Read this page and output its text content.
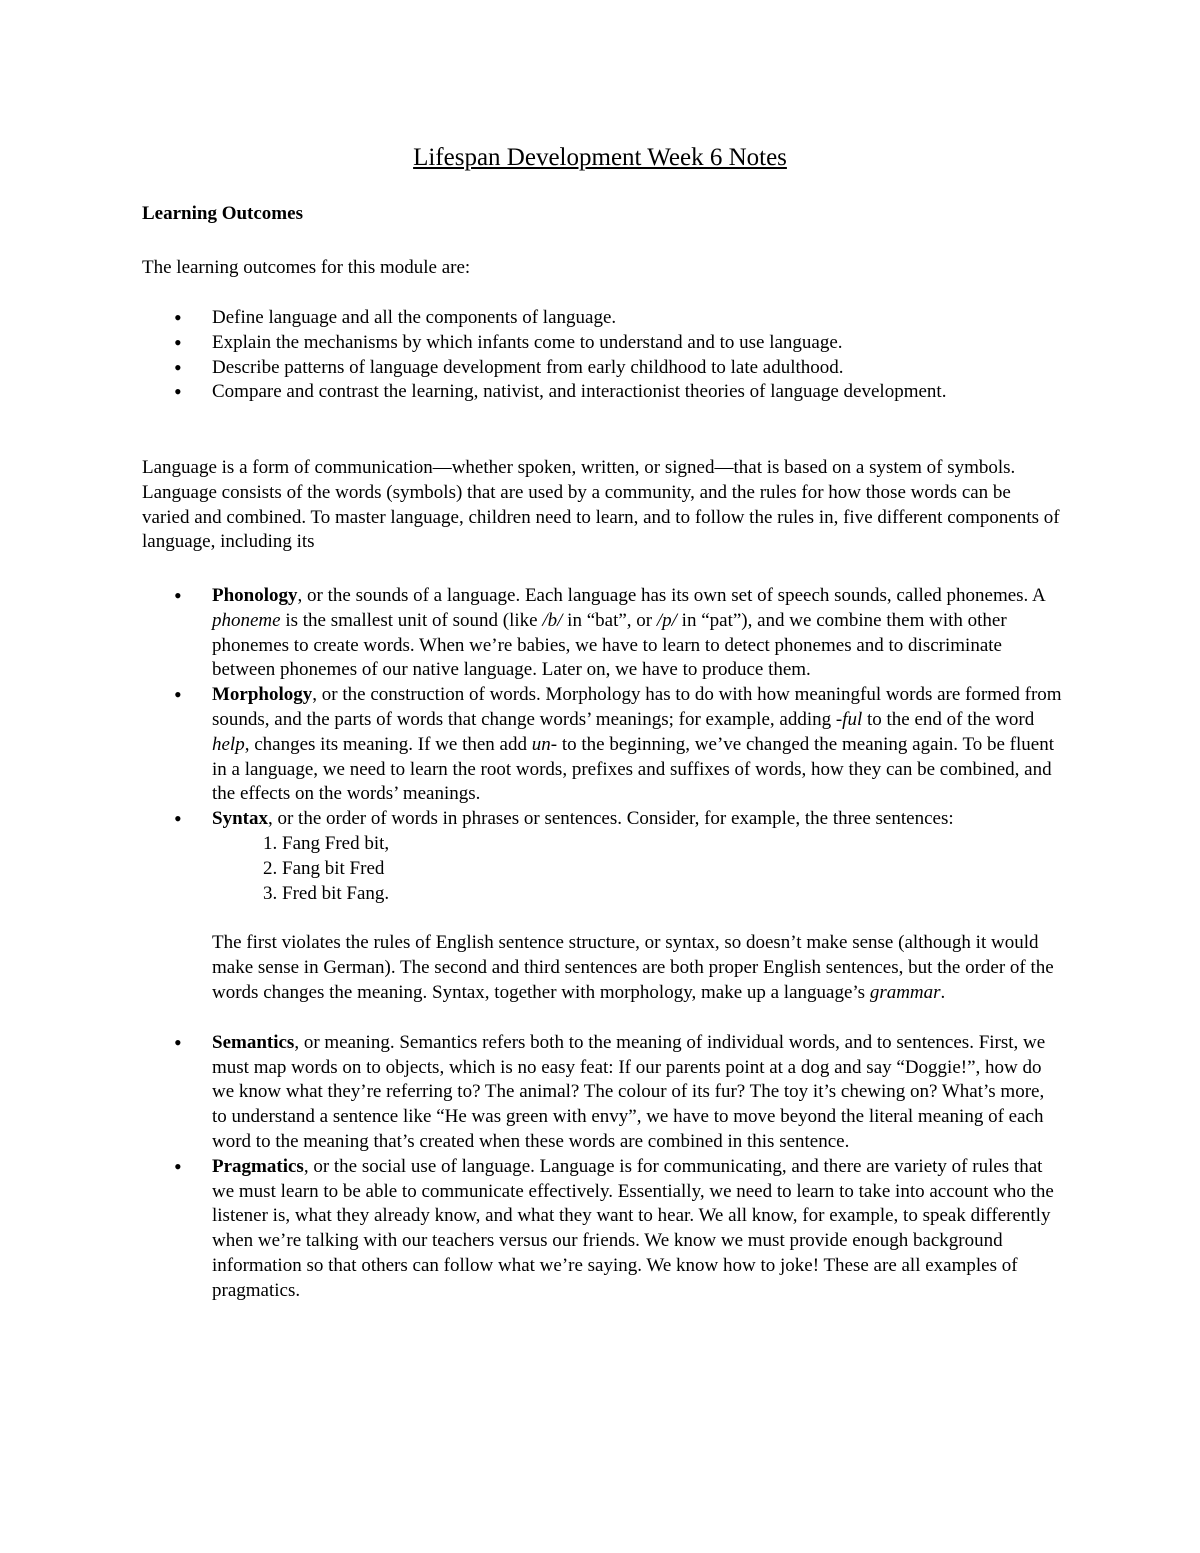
Lifespan Development Week 6 Notes

Learning Outcomes

The learning outcomes for this module are:

• Define language and all the components of language.
• Explain the mechanisms by which infants come to understand and to use language.
• Describe patterns of language development from early childhood to late adulthood.
• Compare and contrast the learning, nativist, and interactionist theories of language development.

Language is a form of communication—whether spoken, written, or signed—that is based on a system of symbols. Language consists of the words (symbols) that are used by a community, and the rules for how those words can be varied and combined. To master language, children need to learn, and to follow the rules in, five different components of language, including its

• Phonology, or the sounds of a language. Each language has its own set of speech sounds, called phonemes. A phoneme is the smallest unit of sound (like /b/ in “bat”, or /p/ in “pat”), and we combine them with other phonemes to create words. When we’re babies, we have to learn to detect phonemes and to discriminate between phonemes of our native language. Later on, we have to produce them.
• Morphology, or the construction of words. Morphology has to do with how meaningful words are formed from sounds, and the parts of words that change words’ meanings; for example, adding -ful to the end of the word help, changes its meaning. If we then add un- to the beginning, we’ve changed the meaning again. To be fluent in a language, we need to learn the root words, prefixes and suffixes of words, how they can be combined, and the effects on the words’ meanings.
• Syntax, or the order of words in phrases or sentences. Consider, for example, the three sentences:
1. Fang Fred bit,
2. Fang bit Fred
3. Fred bit Fang.

The first violates the rules of English sentence structure, or syntax, so doesn’t make sense (although it would make sense in German). The second and third sentences are both proper English sentences, but the order of the words changes the meaning. Syntax, together with morphology, make up a language’s grammar.

• Semantics, or meaning. Semantics refers both to the meaning of individual words, and to sentences. First, we must map words on to objects, which is no easy feat: If our parents point at a dog and say “Doggie!”, how do we know what they’re referring to? The animal? The colour of its fur? The toy it’s chewing on? What’s more, to understand a sentence like “He was green with envy”, we have to move beyond the literal meaning of each word to the meaning that’s created when these words are combined in this sentence.
• Pragmatics, or the social use of language. Language is for communicating, and there are variety of rules that we must learn to be able to communicate effectively. Essentially, we need to learn to take into account who the listener is, what they already know, and what they want to hear. We all know, for example, to speak differently when we’re talking with our teachers versus our friends. We know we must provide enough background information so that others can follow what we’re saying. We know how to joke! These are all examples of pragmatics.
